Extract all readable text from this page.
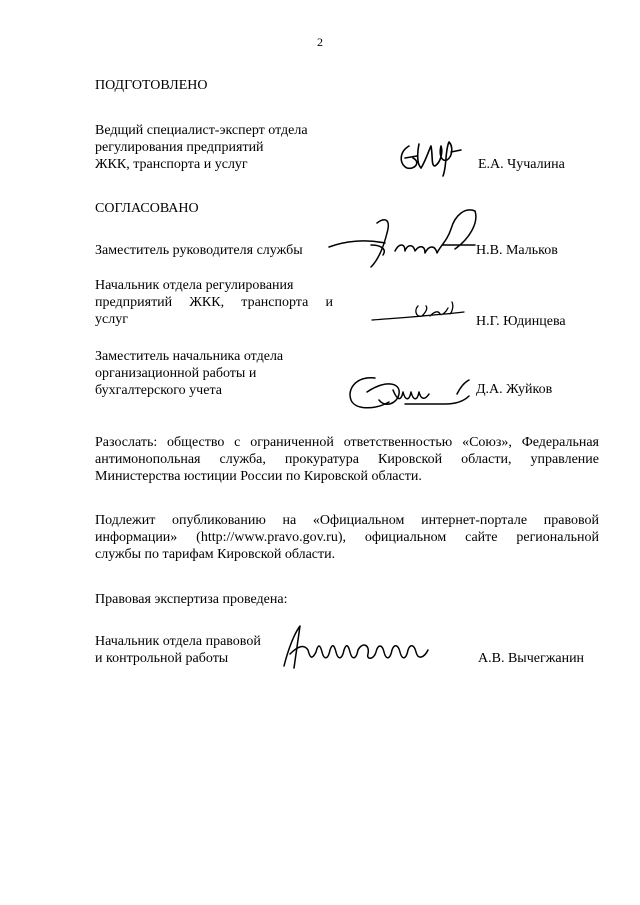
2
ПОДГОТОВЛЕНО
Ведщий специалист-эксперт отдела
регулирования предприятий
ЖКК, транспорта и услуг	Е.А. Чучалина
СОГЛАСОВАНО
Заместитель руководителя службы	Н.В. Мальков
Начальник отдела регулирования
предприятий ЖКК, транспорта и
услуг	Н.Г. Юдинцева
Заместитель начальника отдела
организационной работы и
бухгалтерского учета	Д.А. Жуйков
Разослать: общество с ограниченной ответственностью «Союз», Федеральная
антимонопольная служба, прокуратура Кировской области, управление
Министерства юстиции России по Кировской области.
Подлежит опубликованию на «Официальном интернет-портале правовой
информации» (http://www.pravo.gov.ru), официальном сайте региональной
службы по тарифам Кировской области.
Правовая экспертиза проведена:
Начальник отдела правовой
и контрольной работы	А.В. Вычегжанин
